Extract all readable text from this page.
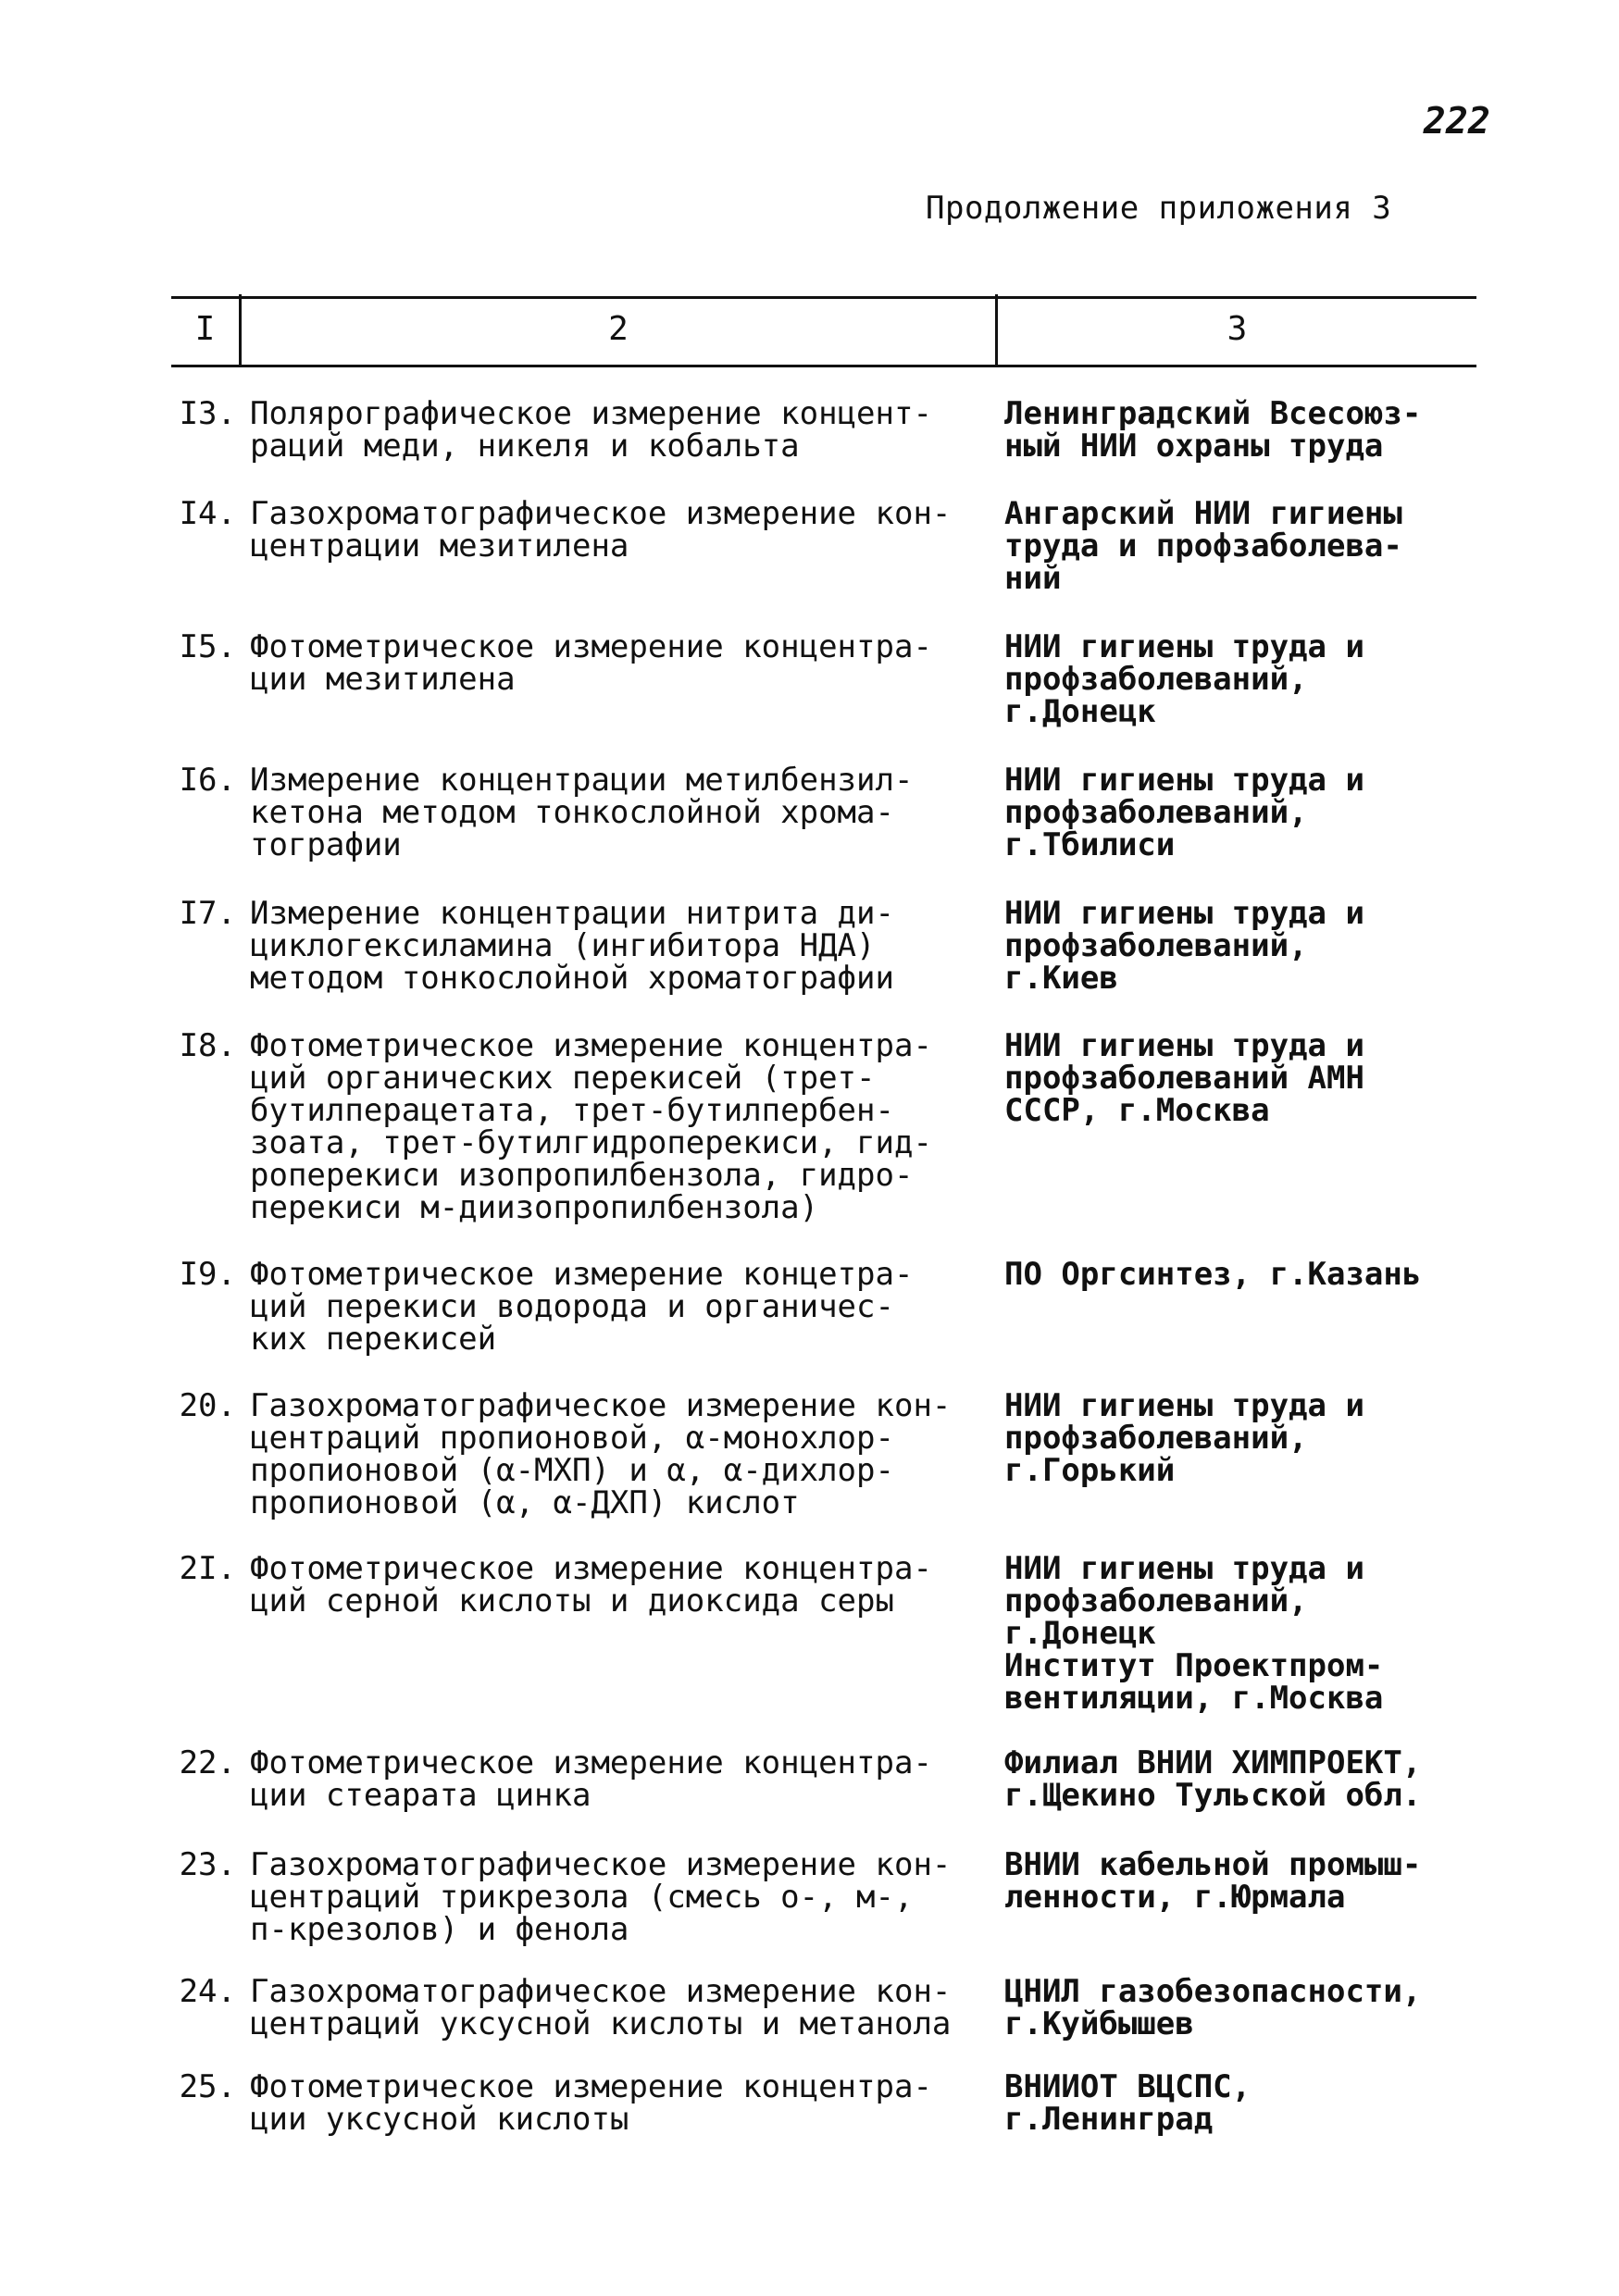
222
Продолжение приложения 3
I	2	3
I3. Полярографическое измерение концент-
раций меди, никеля и кобальта
Ленинградский Всесоюз-
ный НИИ охраны труда
I4. Газохроматографическое измерение кон-
центрации мезитилена
Ангарский НИИ гигиены
труда и профзаболева-
ний
I5. Фотометрическое измерение концентра-
ции мезитилена
НИИ гигиены труда и
профзаболеваний,
г.Донецк
I6. Измерение концентрации метилбензил-
кетона методом тонкослойной хрома-
тографии
НИИ гигиены труда и
профзаболеваний,
г.Тбилиси
I7. Измерение концентрации нитрита ди-
циклогексиламина (ингибитора НДА)
методом тонкослойной хроматографии
НИИ гигиены труда и
профзаболеваний,
г.Киев
I8. Фотометрическое измерение концентра-
ций органических перекисей (трет-
бутилперацетата, трет-бутилпербен-
зоата, трет-бутилгидроперекиси, гид-
роперекиси изопропилбензола, гидро-
перекиси м-диизопропилбензола)
НИИ гигиены труда и
профзаболеваний АМН
СССР, г.Москва
I9. Фотометрическое измерение концетра-
ций перекиси водорода и органичес-
ких перекисей
ПО Оргсинтез, г.Казань
20. Газохроматографическое измерение кон-
центраций пропионовой, α-монохлор-
пропионовой (α-МХП) и α, α-дихлор-
пропионовой (α, α-ДХП) кислот
НИИ гигиены труда и
профзаболеваний,
г.Горький
2I. Фотометрическое измерение концентра-
ций серной кислоты и диоксида серы
НИИ гигиены труда и
профзаболеваний,
г.Донецк
Институт Проектпром-
вентиляции, г.Москва
22. Фотометрическое измерение концентра-
ции стеарата цинка
Филиал ВНИИ ХИМПРОЕКТ,
г.Щекино Тульской обл.
23. Газохроматографическое измерение кон-
центраций трикрезола (смесь о-, м-,
п-крезолов) и фенола
ВНИИ кабельной промыш-
ленности, г.Юрмала
24. Газохроматографическое измерение кон-
центраций уксусной кислоты и метанола
ЦНИЛ газобезопасности,
г.Куйбышев
25. Фотометрическое измерение концентра-
ции уксусной кислоты
ВНИИОТ ВЦСПС,
г.Ленинград
